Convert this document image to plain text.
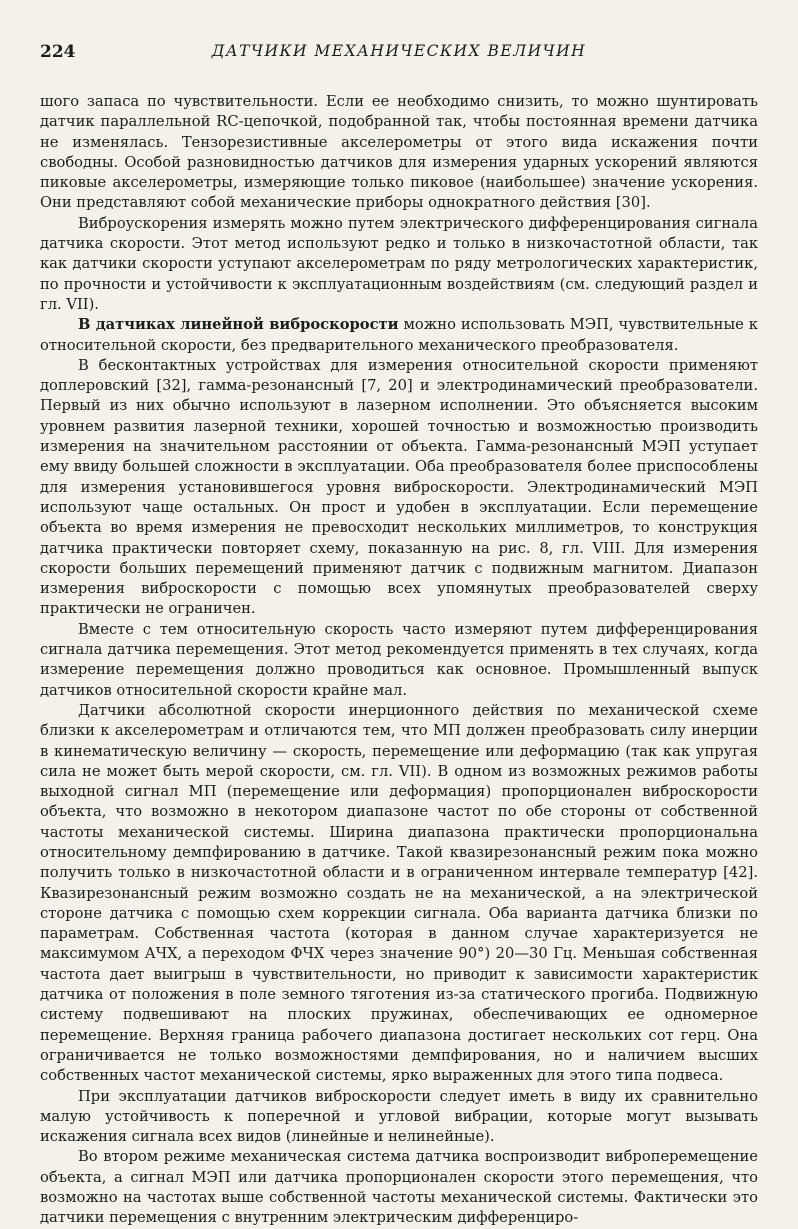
224	ДАТЧИКИ МЕХАНИЧЕСКИХ ВЕЛИЧИН

шого запаса по чувствительности. Если ее необходимо снизить, то можно шунтировать датчик параллельной RC-цепочкой, подобранной так, чтобы постоянная времени датчика не изменялась. Тензорезистивные акселерометры от этого вида искажения почти свободны. Особой разновидностью датчиков для измерения ударных ускорений являются пиковые акселерометры, измеряющие только пиковое (наибольшее) значение ускорения. Они представляют собой механические приборы однократного действия [30].

Виброускорения измерять можно путем электрического дифференцирования сигнала датчика скорости. Этот метод используют редко и только в низкочастотной области, так как датчики скорости уступают акселерометрам по ряду метрологических характеристик, по прочности и устойчивости к эксплуатационным воздействиям (см. следующий раздел и гл. VII).

В датчиках линейной виброскорости можно использовать МЭП, чувствительные к относительной скорости, без предварительного механического преобразователя.

В бесконтактных устройствах для измерения относительной скорости применяют доплеровский [32], гамма-резонансный [7, 20] и электродинамический преобразователи. Первый из них обычно используют в лазерном исполнении. Это объясняется высоким уровнем развития лазерной техники, хорошей точностью и возможностью производить измерения на значительном расстоянии от объекта. Гамма-резонансный МЭП уступает ему ввиду большей сложности в эксплуатации. Оба преобразователя более приспособлены для измерения установившегося уровня виброскорости. Электродинамический МЭП используют чаще остальных. Он прост и удобен в эксплуатации. Если перемещение объекта во время измерения не превосходит нескольких миллиметров, то конструкция датчика практически повторяет схему, показанную на рис. 8, гл. VIII. Для измерения скорости больших перемещений применяют датчик с подвижным магнитом. Диапазон измерения виброскорости с помощью всех упомянутых преобразователей сверху практически не ограничен.

Вместе с тем относительную скорость часто измеряют путем дифференцирования сигнала датчика перемещения. Этот метод рекомендуется применять в тех случаях, когда измерение перемещения должно проводиться как основное. Промышленный выпуск датчиков относительной скорости крайне мал.

Датчики абсолютной скорости инерционного действия по механической схеме близки к акселерометрам и отличаются тем, что МП должен преобразовать силу инерции в кинематическую величину — скорость, перемещение или деформацию (так как упругая сила не может быть мерой скорости, см. гл. VII). В одном из возможных режимов работы выходной сигнал МП (перемещение или деформация) пропорционален виброскорости объекта, что возможно в некотором диапазоне частот по обе стороны от собственной частоты механической системы. Ширина диапазона практически пропорциональна относительному демпфированию в датчике. Такой квазирезонансный режим пока можно получить только в низкочастотной области и в ограниченном интервале температур [42]. Квазирезонансный режим возможно создать не на механической, а на электрической стороне датчика с помощью схем коррекции сигнала. Оба варианта датчика близки по параметрам. Собственная частота (которая в данном случае характеризуется не максимумом АЧХ, а переходом ФЧХ через значение 90°) 20—30 Гц. Меньшая собственная частота дает выигрыш в чувствительности, но приводит к зависимости характеристик датчика от положения в поле земного тяготения из-за статического прогиба. Подвижную систему подвешивают на плоских пружинах, обеспечивающих ее одномерное перемещение. Верхняя граница рабочего диапазона достигает нескольких сот герц. Она ограничивается не только возможностями демпфирования, но и наличием высших собственных частот механической системы, ярко выраженных для этого типа подвеса.

При эксплуатации датчиков виброскорости следует иметь в виду их сравнительно малую устойчивость к поперечной и угловой вибрации, которые могут вызывать искажения сигнала всех видов (линейные и нелинейные).

Во втором режиме механическая система датчика воспроизводит виброперемещение объекта, а сигнал МЭП или датчика пропорционален скорости этого перемещения, что возможно на частотах выше собственной частоты механической системы. Фактически это датчики перемещения с внутренним электрическим дифференциро-
